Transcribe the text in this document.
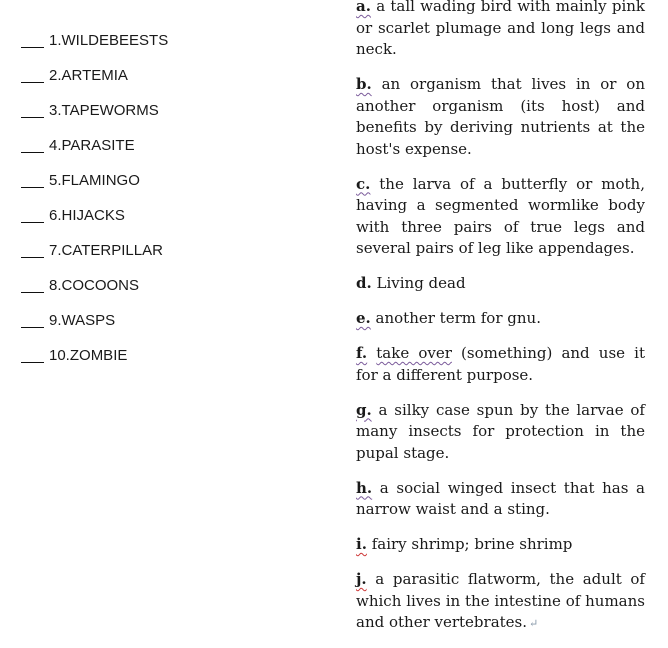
1. WILDEBEESTS
2. ARTEMIA
3. TAPEWORMS
4. PARASITE
5. FLAMINGO
6. HIJACKS
7. CATERPILLAR
8. COCOONS
9. WASPS
10. ZOMBIE

a. a tall wading bird with mainly pink or scarlet plumage and long legs and neck.

b. an organism that lives in or on another organism (its host) and benefits by deriving nutrients at the host's expense.

c. the larva of a butterfly or moth, having a segmented wormlike body with three pairs of true legs and several pairs of leg like appendages.

d. Living dead

e. another term for gnu.

f. take over (something) and use it for a different purpose.

g. a silky case spun by the larvae of many insects for protection in the pupal stage.

h. a social winged insect that has a narrow waist and a sting.

i. fairy shrimp; brine shrimp

j. a parasitic flatworm, the adult of which lives in the intestine of humans and other vertebrates. ↵
